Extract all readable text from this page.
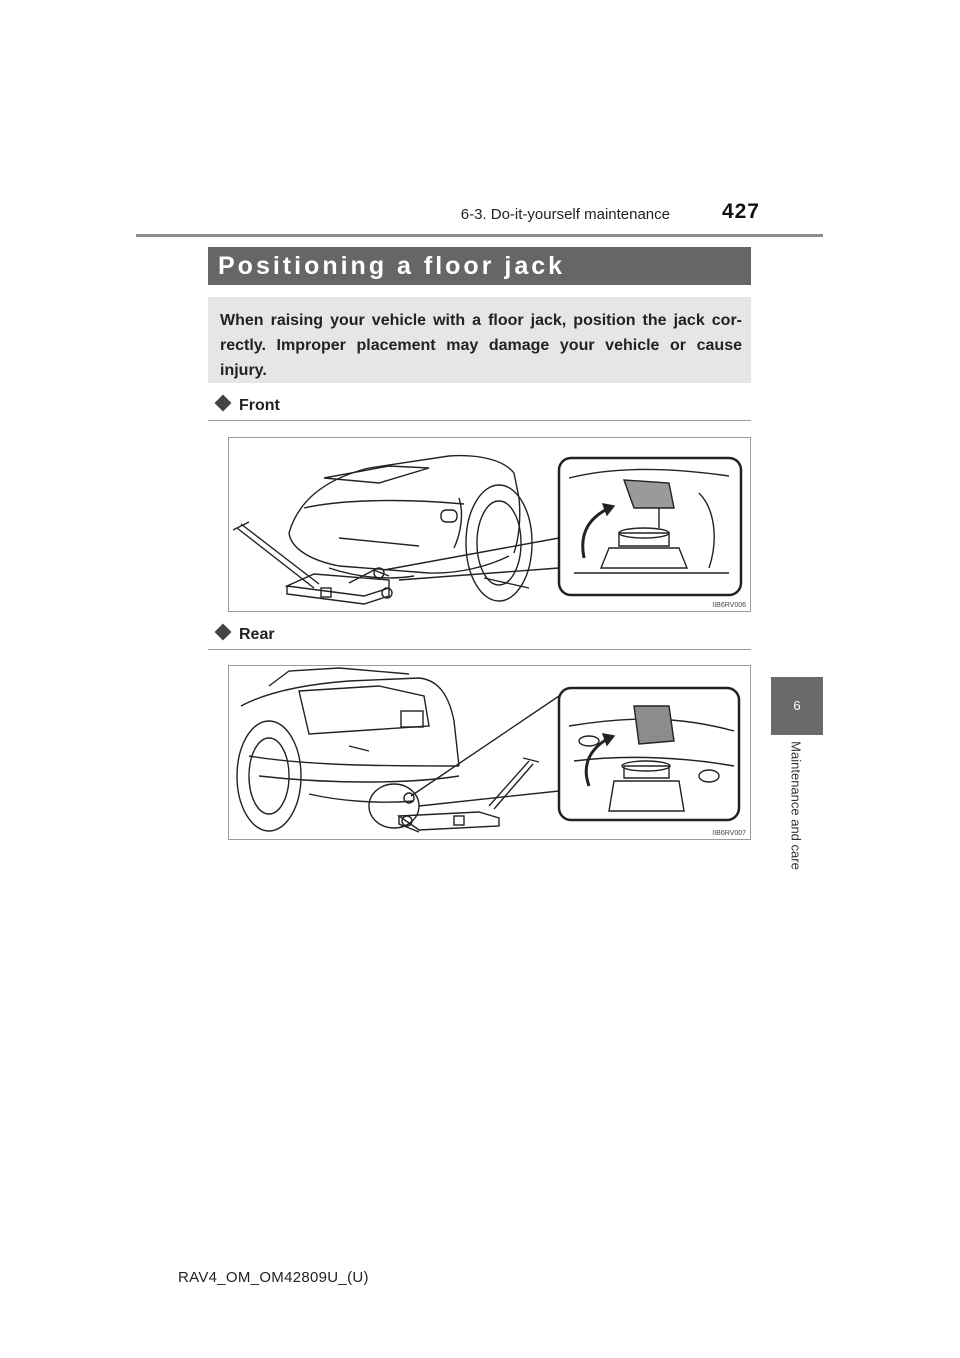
6-3. Do-it-yourself maintenance	427
Positioning a floor jack
When raising your vehicle with a floor jack, position the jack cor- rectly. Improper placement may damage your vehicle or cause injury.
Front
IIB6RV006
Rear
IIB6RV007
6
Maintenance and care
RAV4_OM_OM42809U_(U)
